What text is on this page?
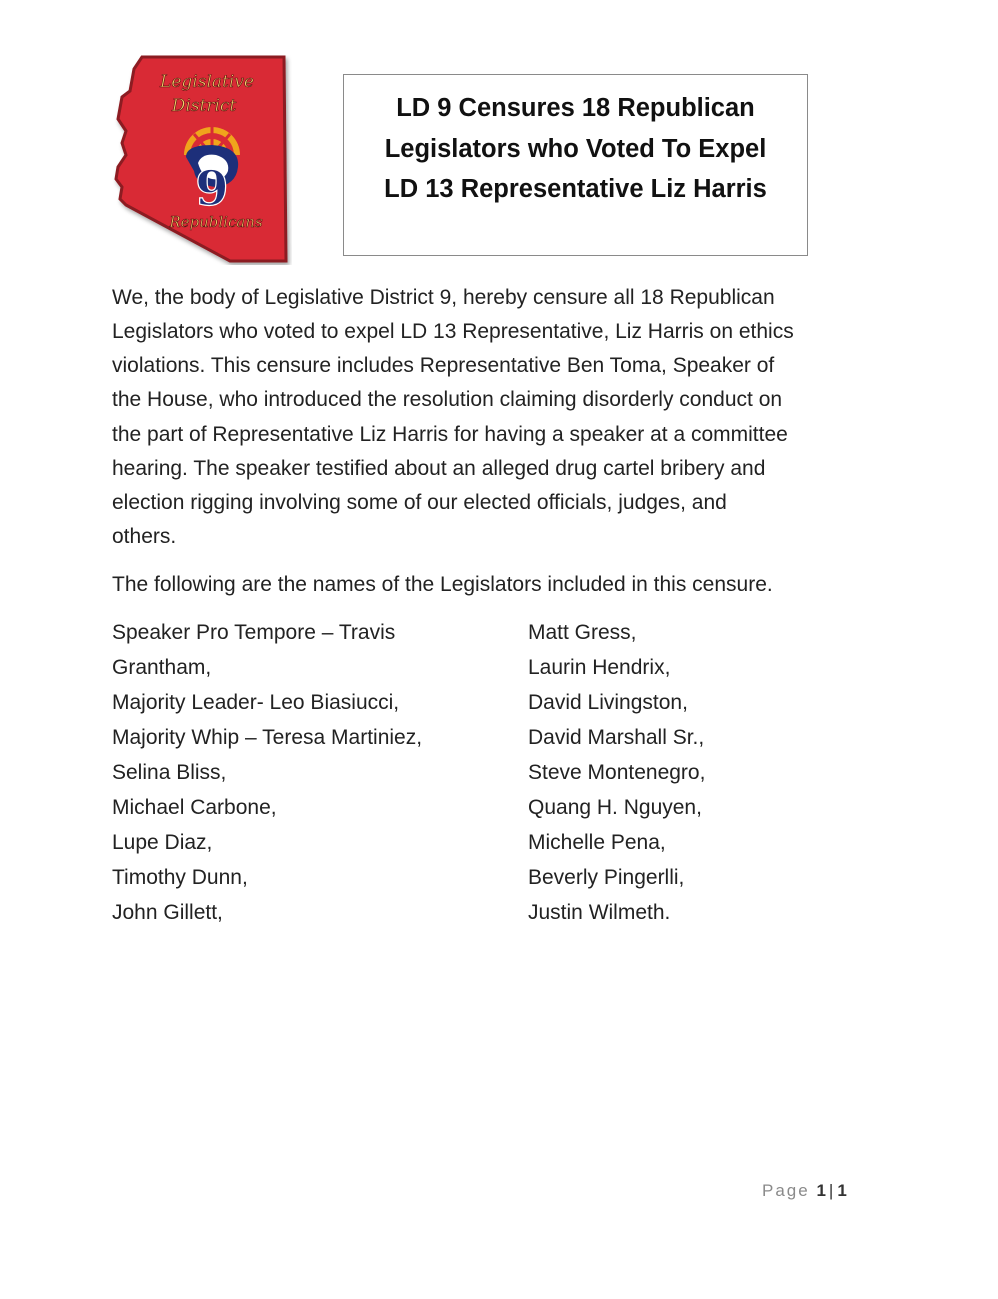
Legislative
District
9
Republicans
LD 9 Censures 18 Republican
Legislators who Voted To Expel
LD 13 Representative Liz Harris
We, the body of Legislative District 9, hereby censure all 18 Republican
Legislators who voted to expel LD 13 Representative, Liz Harris on ethics
violations. This censure includes Representative Ben Toma, Speaker of
the House, who introduced the resolution claiming disorderly conduct on
the part of Representative Liz Harris for having a speaker at a committee
hearing. The speaker testified about an alleged drug cartel bribery and
election rigging involving some of our elected officials, judges, and
others.
The following are the names of the Legislators included in this censure.
Speaker Pro Tempore – Travis
Grantham,
Majority Leader- Leo Biasiucci,
Majority Whip – Teresa Martiniez,
Selina Bliss,
Michael Carbone,
Lupe Diaz,
Timothy Dunn,
John Gillett,
Matt Gress,
Laurin Hendrix,
David Livingston,
David Marshall Sr.,
Steve Montenegro,
Quang H. Nguyen,
Michelle Pena,
Beverly Pingerlli,
Justin Wilmeth.
Page 1 | 1
